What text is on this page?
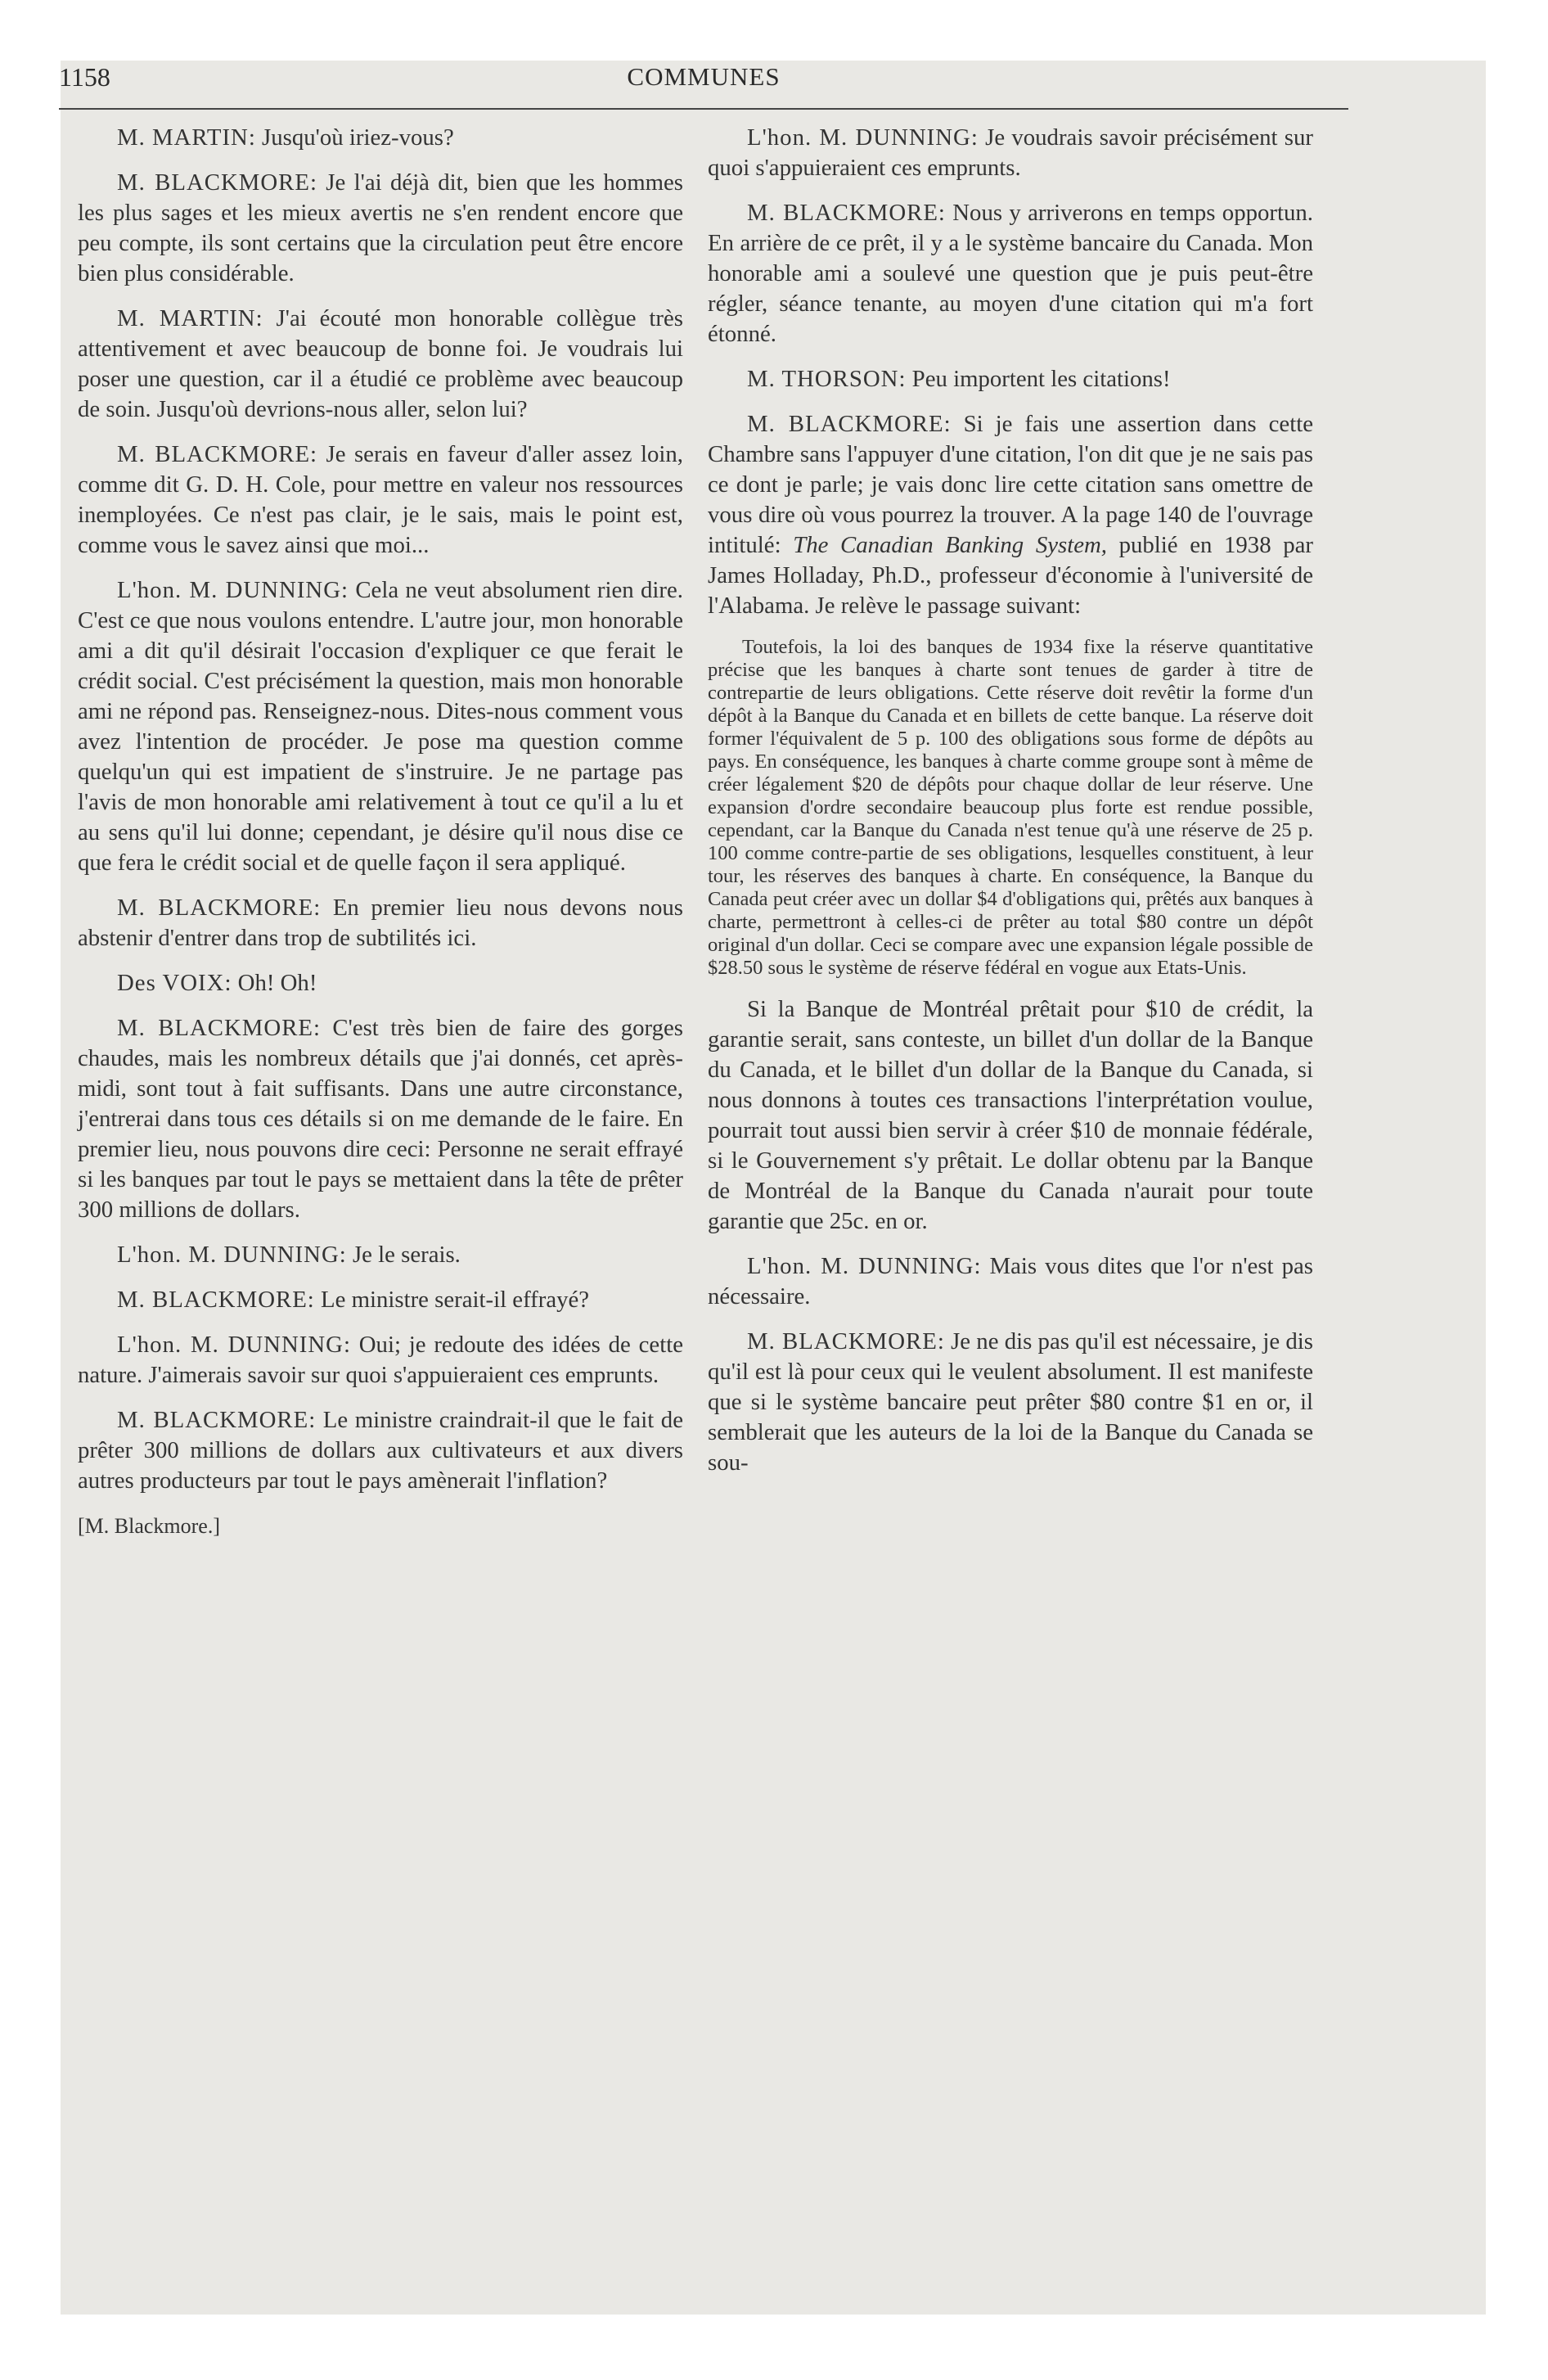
1158	COMMUNES

M. MARTIN: Jusqu'où iriez-vous?

M. BLACKMORE: Je l'ai déjà dit, bien que les hommes les plus sages et les mieux avertis ne s'en rendent encore que peu compte, ils sont certains que la circulation peut être encore bien plus considérable.

M. MARTIN: J'ai écouté mon honorable collègue très attentivement et avec beaucoup de bonne foi. Je voudrais lui poser une question, car il a étudié ce problème avec beaucoup de soin. Jusqu'où devrions-nous aller, selon lui?

M. BLACKMORE: Je serais en faveur d'aller assez loin, comme dit G. D. H. Cole, pour mettre en valeur nos ressources inemployées. Ce n'est pas clair, je le sais, mais le point est, comme vous le savez ainsi que moi...

L'hon. M. DUNNING: Cela ne veut absolument rien dire. C'est ce que nous voulons entendre. L'autre jour, mon honorable ami a dit qu'il désirait l'occasion d'expliquer ce que ferait le crédit social. C'est précisément la question, mais mon honorable ami ne répond pas. Renseignez-nous. Dites-nous comment vous avez l'intention de procéder. Je pose ma question comme quelqu'un qui est impatient de s'instruire. Je ne partage pas l'avis de mon honorable ami relativement à tout ce qu'il a lu et au sens qu'il lui donne; cependant, je désire qu'il nous dise ce que fera le crédit social et de quelle façon il sera appliqué.

M. BLACKMORE: En premier lieu nous devons nous abstenir d'entrer dans trop de subtilités ici.

Des VOIX: Oh! Oh!

M. BLACKMORE: C'est très bien de faire des gorges chaudes, mais les nombreux détails que j'ai donnés, cet après-midi, sont tout à fait suffisants. Dans une autre circonstance, j'entrerai dans tous ces détails si on me demande de le faire. En premier lieu, nous pouvons dire ceci: Personne ne serait effrayé si les banques par tout le pays se mettaient dans la tête de prêter 300 millions de dollars.

L'hon. M. DUNNING: Je le serais.

M. BLACKMORE: Le ministre serait-il effrayé?

L'hon. M. DUNNING: Oui; je redoute des idées de cette nature. J'aimerais savoir sur quoi s'appuieraient ces emprunts.

M. BLACKMORE: Le ministre craindrait-il que le fait de prêter 300 millions de dollars aux cultivateurs et aux divers autres producteurs par tout le pays amènerait l'inflation?

[M. Blackmore.]

L'hon. M. DUNNING: Je voudrais savoir précisément sur quoi s'appuieraient ces emprunts.

M. BLACKMORE: Nous y arriverons en temps opportun. En arrière de ce prêt, il y a le système bancaire du Canada. Mon honorable ami a soulevé une question que je puis peut-être régler, séance tenante, au moyen d'une citation qui m'a fort étonné.

M. THORSON: Peu importent les citations!

M. BLACKMORE: Si je fais une assertion dans cette Chambre sans l'appuyer d'une citation, l'on dit que je ne sais pas ce dont je parle; je vais donc lire cette citation sans omettre de vous dire où vous pourrez la trouver. A la page 140 de l'ouvrage intitulé: The Canadian Banking System, publié en 1938 par James Holladay, Ph.D., professeur d'économie à l'université de l'Alabama. Je relève le passage suivant:

Toutefois, la loi des banques de 1934 fixe la réserve quantitative précise que les banques à charte sont tenues de garder à titre de contrepartie de leurs obligations. Cette réserve doit revêtir la forme d'un dépôt à la Banque du Canada et en billets de cette banque. La réserve doit former l'équivalent de 5 p. 100 des obligations sous forme de dépôts au pays. En conséquence, les banques à charte comme groupe sont à même de créer légalement $20 de dépôts pour chaque dollar de leur réserve. Une expansion d'ordre secondaire beaucoup plus forte est rendue possible, cependant, car la Banque du Canada n'est tenue qu'à une réserve de 25 p. 100 comme contre-partie de ses obligations, lesquelles constituent, à leur tour, les réserves des banques à charte. En conséquence, la Banque du Canada peut créer avec un dollar $4 d'obligations qui, prêtés aux banques à charte, permettront à celles-ci de prêter au total $80 contre un dépôt original d'un dollar. Ceci se compare avec une expansion légale possible de $28.50 sous le système de réserve fédéral en vogue aux Etats-Unis.

Si la Banque de Montréal prêtait pour $10 de crédit, la garantie serait, sans conteste, un billet d'un dollar de la Banque du Canada, et le billet d'un dollar de la Banque du Canada, si nous donnons à toutes ces transactions l'interprétation voulue, pourrait tout aussi bien servir à créer $10 de monnaie fédérale, si le Gouvernement s'y prêtait. Le dollar obtenu par la Banque de Montréal de la Banque du Canada n'aurait pour toute garantie que 25c. en or.

L'hon. M. DUNNING: Mais vous dites que l'or n'est pas nécessaire.

M. BLACKMORE: Je ne dis pas qu'il est nécessaire, je dis qu'il est là pour ceux qui le veulent absolument. Il est manifeste que si le système bancaire peut prêter $80 contre $1 en or, il semblerait que les auteurs de la loi de la Banque du Canada se sou-
